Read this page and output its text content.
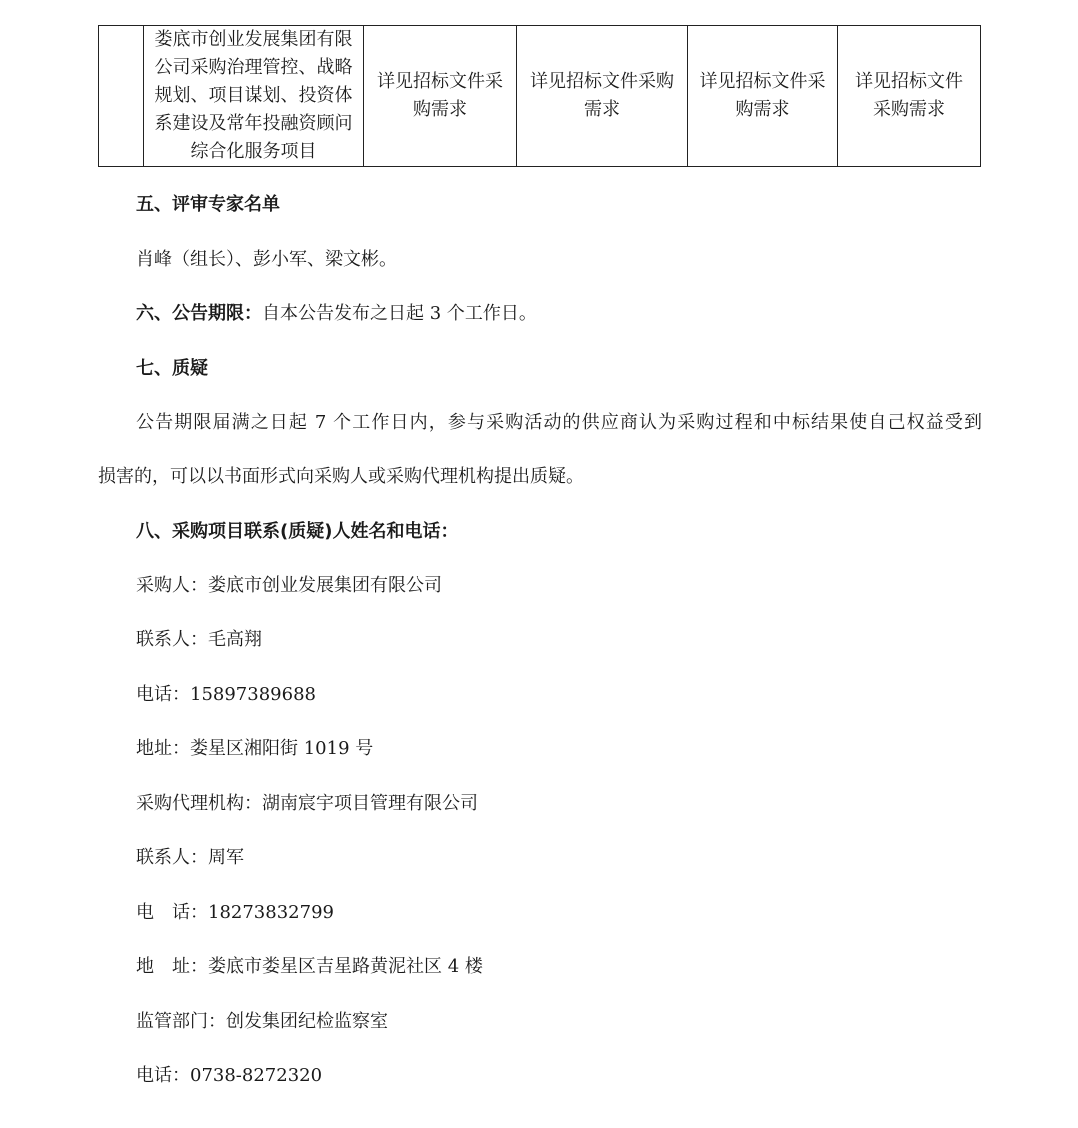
	娄底市创业发展集团有限公司采购治理管控、战略规划、项目谋划、投资体系建设及常年投融资顾问综合化服务项目	详见招标文件采购需求	详见招标文件采购需求	详见招标文件采购需求	详见招标文件采购需求
五、评审专家名单
肖峰（组长）、彭小军、梁文彬。
六、公告期限：自本公告发布之日起 3 个工作日。
七、质疑
公告期限届满之日起 7 个工作日内，参与采购活动的供应商认为采购过程和中标结果使自己权益受到
损害的，可以以书面形式向采购人或采购代理机构提出质疑。
八、采购项目联系(质疑)人姓名和电话：
采购人：娄底市创业发展集团有限公司
联系人：毛高翔
电话：15897389688
地址：娄星区湘阳街 1019 号
采购代理机构：湖南宸宇项目管理有限公司
联系人：周军
电　话：18273832799
地　址：娄底市娄星区吉星路黄泥社区 4 楼
监管部门：创发集团纪检监察室
电话：0738-8272320
